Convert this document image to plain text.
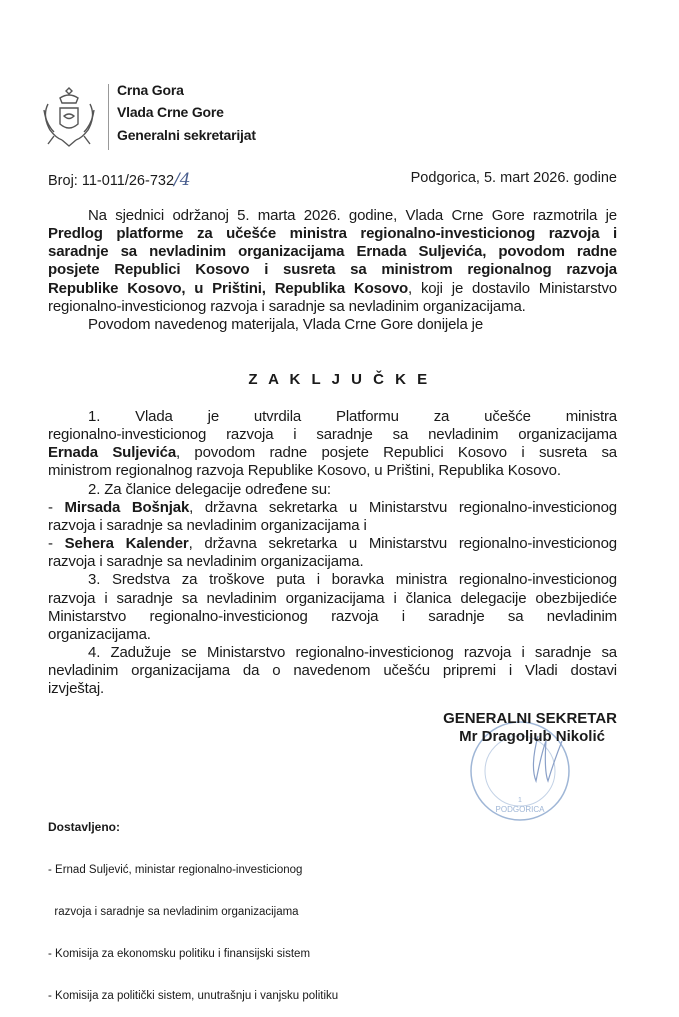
Crna Gora
Vlada Crne Gore
Generalni sekretarijat
Broj: 11-011/26-732/4	Podgorica, 5. mart 2026. godine
Na sjednici održanoj 5. marta 2026. godine, Vlada Crne Gore razmotrila je
Predlog platforme za učešće ministra regionalno-investicionog razvoja i
saradnje sa nevladinim organizacijama Ernada Suljevića, povodom radne
posjete Republici Kosovo i susreta sa ministrom regionalnog razvoja
Republike Kosovo, u Prištini, Republika Kosovo, koji je dostavilo Ministarstvo
regionalno-investicionog razvoja i saradnje sa nevladinim organizacijama.
Povodom navedenog materijala, Vlada Crne Gore donijela je
Z A K L J U Č K E
1. Vlada je utvrdila Platformu za učešće ministra
regionalno-investicionog razvoja i saradnje sa nevladinim organizacijama
Ernada Suljevića, povodom radne posjete Republici Kosovo i susreta sa
ministrom regionalnog razvoja Republike Kosovo, u Prištini, Republika Kosovo.
2. Za članice delegacije određene su:
- Mirsada Bošnjak, državna sekretarka u Ministarstvu regionalno-investicionog
razvoja i saradnje sa nevladinim organizacijama i
- Sehera Kalender, državna sekretarka u Ministarstvu regionalno-investicionog
razvoja i saradnje sa nevladinim organizacijama.
3. Sredstva za troškove puta i boravka ministra regionalno-investicionog
razvoja i saradnje sa nevladinim organizacijama i članica delegacije obezbijediće
Ministarstvo regionalno-investicionog razvoja i saradnje sa nevladinim
organizacijama.
4. Zadužuje se Ministarstvo regionalno-investicionog razvoja i saradnje sa
nevladinim organizacijama da o navedenom učešću pripremi i Vladi dostavi
izvještaj.
PODGORICA
1
GENERALNI SEKRETAR
Mr Dragoljub Nikolić
Dostavljeno:

- Ernad Suljević, ministar regionalno-investicionog

razvoja i saradnje sa nevladinim organizacijama

- Komisija za ekonomsku politiku i finansijski sistem

- Komisija za politički sistem, unutrašnju i vanjsku politiku
